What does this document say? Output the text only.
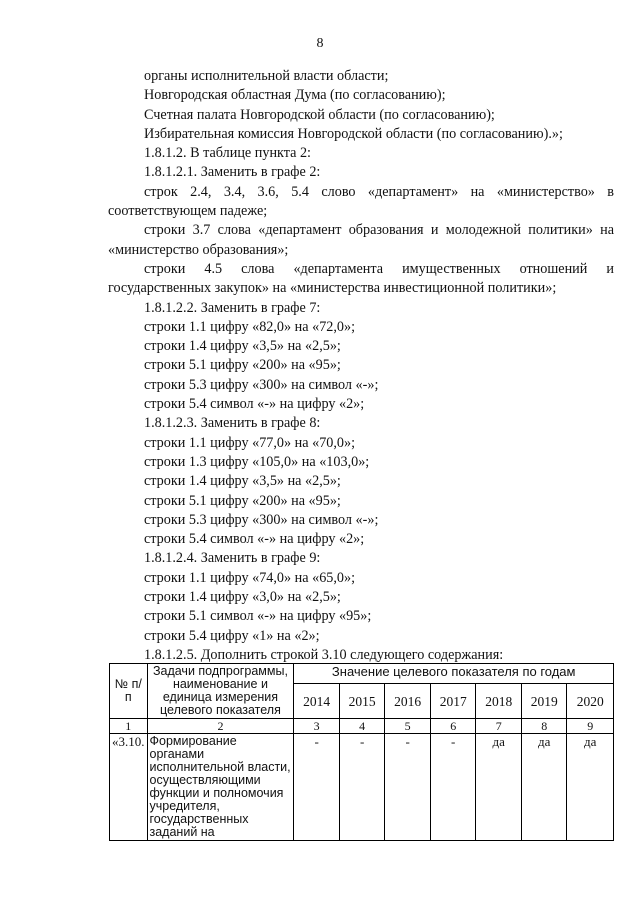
8

органы исполнительной власти области;

Новгородская областная Дума (по согласованию);

Счетная палата Новгородской области (по согласованию);

Избирательная комиссия Новгородской области (по согласованию).»;

1.8.1.2. В таблице пункта 2:

1.8.1.2.1. Заменить в графе 2:

строк 2.4, 3.4, 3.6, 5.4 слово «департамент» на «министерство» в соответствующем падеже;

строки 3.7 слова «департамент образования и молодежной политики» на «министерство образования»;

строки 4.5 слова «департамента имущественных отношений и государственных закупок» на «министерства инвестиционной политики»;

1.8.1.2.2. Заменить в графе 7:

строки 1.1 цифру «82,0» на «72,0»;

строки 1.4 цифру «3,5» на «2,5»;

строки 5.1 цифру «200» на «95»;

строки 5.3 цифру «300» на символ «-»;

строки 5.4 символ «-» на цифру «2»;

1.8.1.2.3. Заменить в графе 8:

строки 1.1 цифру «77,0» на «70,0»;

строки 1.3 цифру «105,0» на «103,0»;

строки 1.4 цифру «3,5» на «2,5»;

строки 5.1 цифру «200» на «95»;

строки 5.3 цифру «300» на символ «-»;

строки 5.4 символ «-» на цифру «2»;

1.8.1.2.4. Заменить в графе 9:

строки 1.1 цифру «74,0» на «65,0»;

строки 1.4 цифру «3,0» на «2,5»;

строки 5.1 символ «-» на цифру «95»;

строки 5.4 цифру «1» на «2»;

1.8.1.2.5. Дополнить строкой 3.10 следующего содержания:

№ п/п	Задачи подпрограммы, наименование и единица измерения целевого показателя	Значение целевого показателя по годам						
		2014	2015	2016	2017	2018	2019	2020
1	2	3	4	5	6	7	8	9
«3.10.	Формирование органами исполнительной власти, осуществляющими функции и полномочия учредителя, государственных заданий на	-	-	-	-	да	да	да
